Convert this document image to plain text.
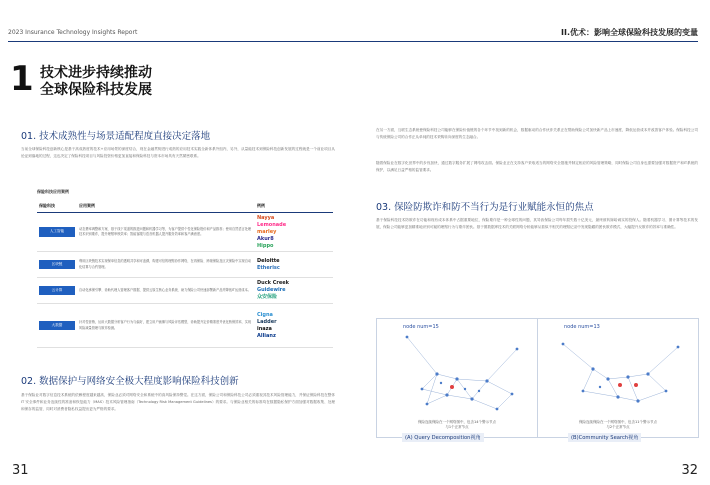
2023 Insurance Technology Insights Report	II.优术：影响全球保险科技发展的变量
1 技术进步持续推动
全球保险科技发展
01. 技术成熟性与场景适配程度直接决定落地

当前全球保险科技创新核心是基于高成熟度的技术+应用场景的深度结合，现在金融贯彻进行成熟的应用技术实践全新体系外组内，另外，从量能技术到保险科技创新发展的过程就是一个前业项目从论证到落地的过程，这也决定了保险科技项目与风险投资价格更加直接和保险科技与资本市场具有天然紧密联系。

保险科技应用案例
保险科技	应用案例	例例

人工智能	动态费率调整和方案、基于线下渠道的推进问题和机器学习等，为客户提供个性化保险报价和产品推荐；使用自然语言处理技术识别欺诈，提升理赔审核效率；智能客服与语音机器人提升服务效率和客户满意度。	Nayya
Lemonade
marley
Akur8
Hippo

区块链	利用区块链技术实现保单信息的透明共享和可追溯，构建可信的理赔协作网络，在再保险、跨境保险及巨灾保险中实现自动化结算与合约管理。	Deloitte
Etherisc

云计算	自动化承保引擎、协助代理人管理客户数据、提供云原生核心业务系统、助力保险公司快速部署新产品并降低IT运营成本。	Duck Creek
Guidewire
众安保险

大数据	针对性营销，运用大数据分析客户行为与偏好，建立用户画像与风险评估模型，协助提升定价精准度并优化核保效率，实现风险减量管理与欺诈检测。	Cigna
Ladder
inaza
Allianz
02. 数据保护与网络安全极大程度影响保险科技创新

基于保险业对数字信息技术系统的依赖程度越来越高，保险业必须对网络安全和系统中的高风险保持警觉。在这方面，保险公司和保险科技公司必须重视其技术风险管理能力，并保证保险科技在整体IT 安全事件和业务连续性的准备和恢复能力（MAS）技术风险管理指南（Technology Risk Management Guidelines）的要求。与保险业相关的标准均在数据隐私保护方面加强对数据收集、处理和保存的监管，同时对消费者隐私权益提出更为严格的要求。

在另一方面，互联生态系统使保险科技公司能够在保险价值链的各个环节中找到新的机会，数据驱动的合作伙伴关系正在帮助保险公司加快新产品上市速度，降低运营成本并改善客户体验。保险科技公司与传统保险公司的合作正从单纯的技术采购转向深度的生态融合。

随着保险业在数字化世界中的步伐加快，通过数字服务扩展了网络攻击面。保险业正在支持客户采取适当的网络安全措施并制定相应的风险管理策略，同时保险公司自身也需要加强对数据资产和IT系统的保护，以满足日益严格的监管要求。

03. 保险防欺诈和防不当行为是行业赋能永恒的焦点

基于保险科技技术防欺诈在功能和现有成本体系中占据重要地位，保险欺诈是一种全球性的问题，其导致保险公司每年损失数十亿美元，最终被转嫁给诚实的投保人。随着机器学习、图计算等技术的发展，保险公司能够更加精准地识别可疑的理赔行为与欺诈团伙。基于图数据库技术的关联网络分析能够从看似不相关的理赔记录中发现隐藏的团伙欺诈模式，大幅提升反欺诈的效率与准确性。

node num=15
保险连续保险在一个网络图中，包含14个警示节点与1个正常节点
(A) Query Decomposition视角
node num=13
保险连续保险在一个网络图中，包含11个警示节点与2个正常节点
(B)Community Search视角
31	32
